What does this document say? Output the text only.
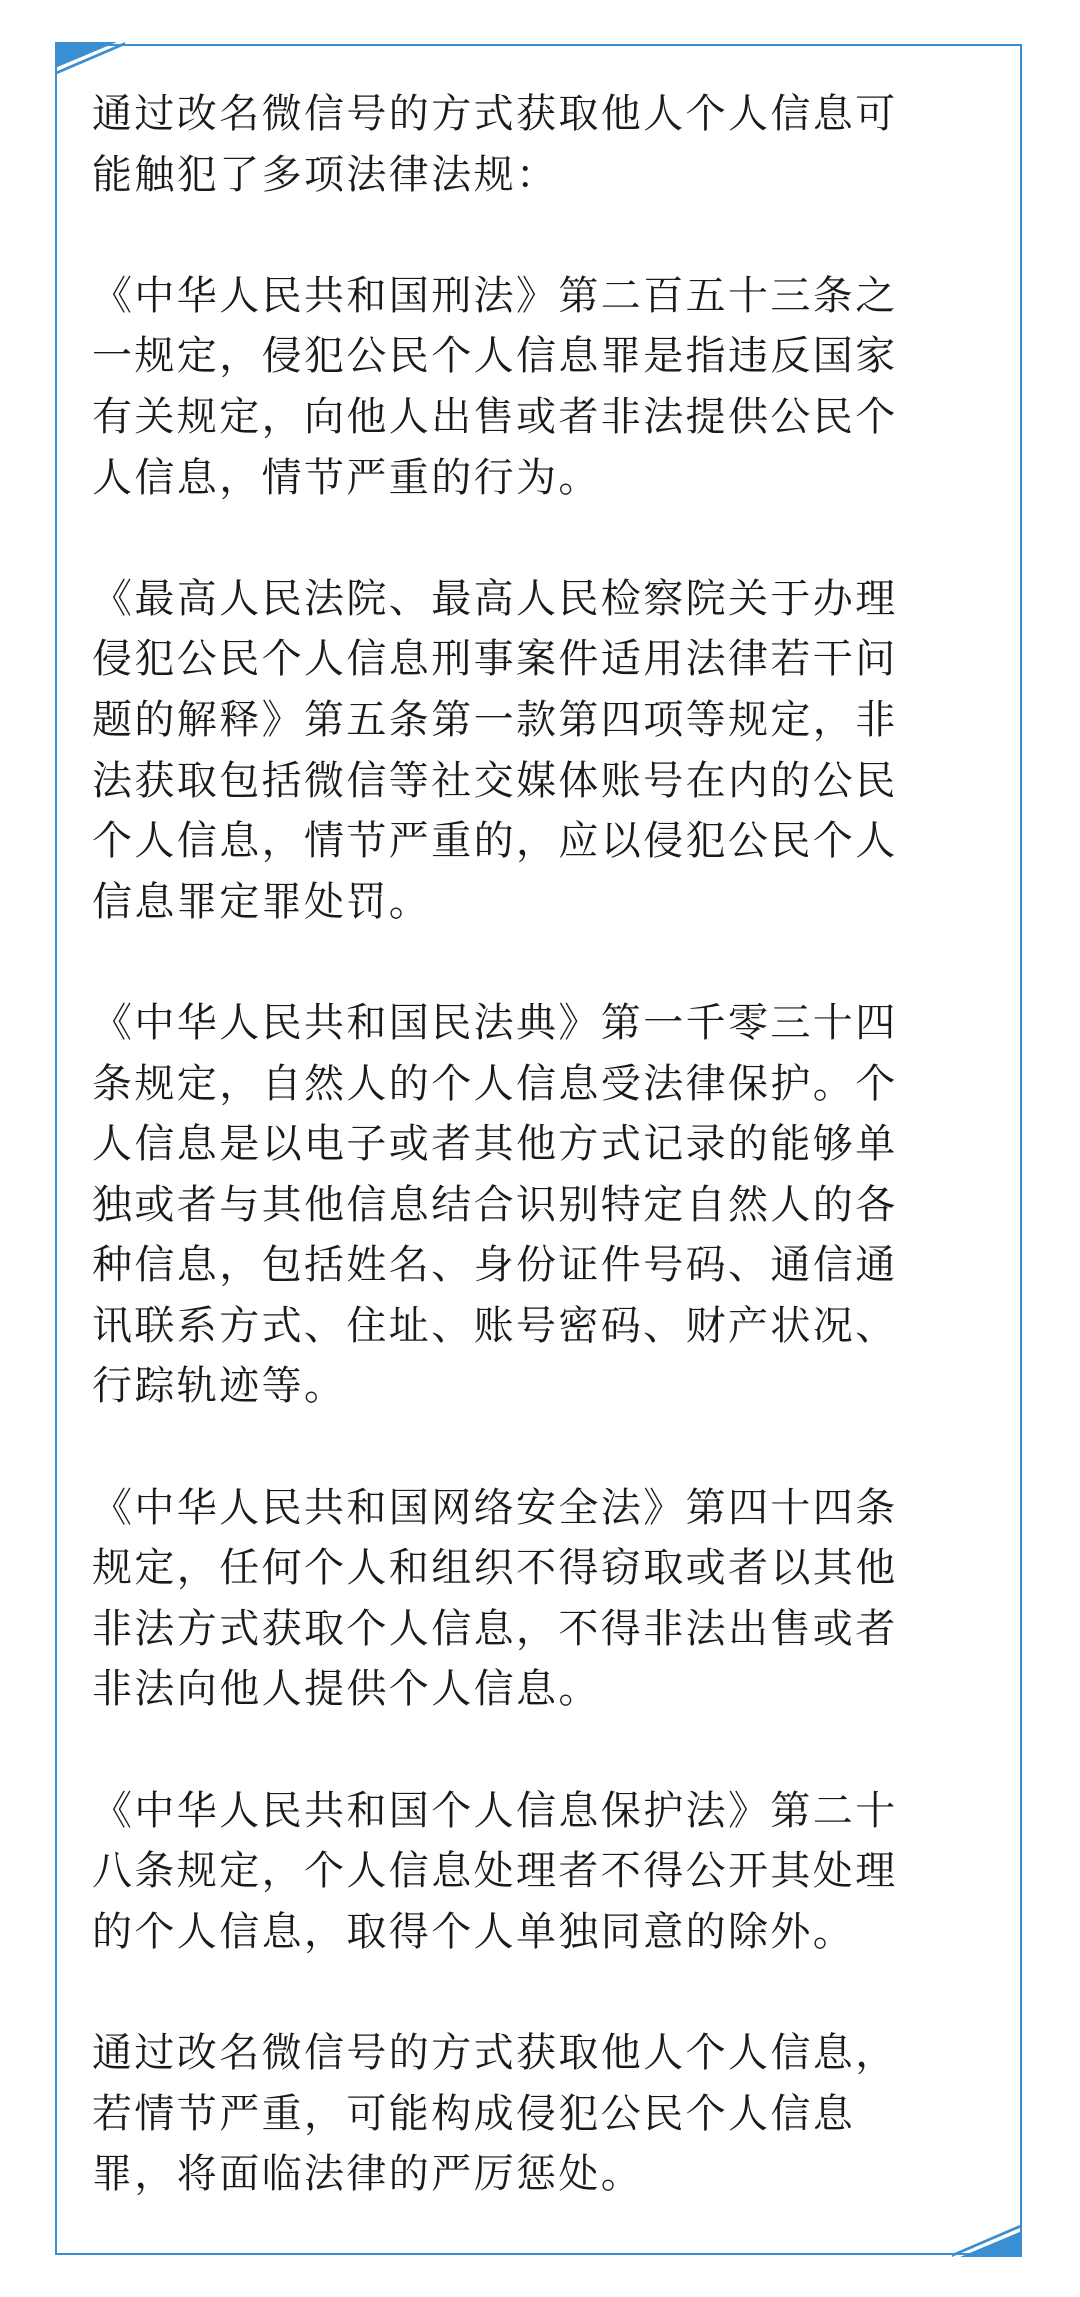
通过改名微信号的方式获取他人个人信息可
能触犯了多项法律法规：

《中华人民共和国刑法》第二百五十三条之
一规定，侵犯公民个人信息罪是指违反国家
有关规定，向他人出售或者非法提供公民个
人信息，情节严重的行为。

《最高人民法院、最高人民检察院关于办理
侵犯公民个人信息刑事案件适用法律若干问
题的解释》第五条第一款第四项等规定，非
法获取包括微信等社交媒体账号在内的公民
个人信息，情节严重的，应以侵犯公民个人
信息罪定罪处罚。

《中华人民共和国民法典》第一千零三十四
条规定，自然人的个人信息受法律保护。个
人信息是以电子或者其他方式记录的能够单
独或者与其他信息结合识别特定自然人的各
种信息，包括姓名、身份证件号码、通信通
讯联系方式、住址、账号密码、财产状况、
行踪轨迹等。

《中华人民共和国网络安全法》第四十四条
规定，任何个人和组织不得窃取或者以其他
非法方式获取个人信息，不得非法出售或者
非法向他人提供个人信息。

《中华人民共和国个人信息保护法》第二十
八条规定，个人信息处理者不得公开其处理
的个人信息，取得个人单独同意的除外。

通过改名微信号的方式获取他人个人信息，
若情节严重，可能构成侵犯公民个人信息
罪，将面临法律的严厉惩处。
